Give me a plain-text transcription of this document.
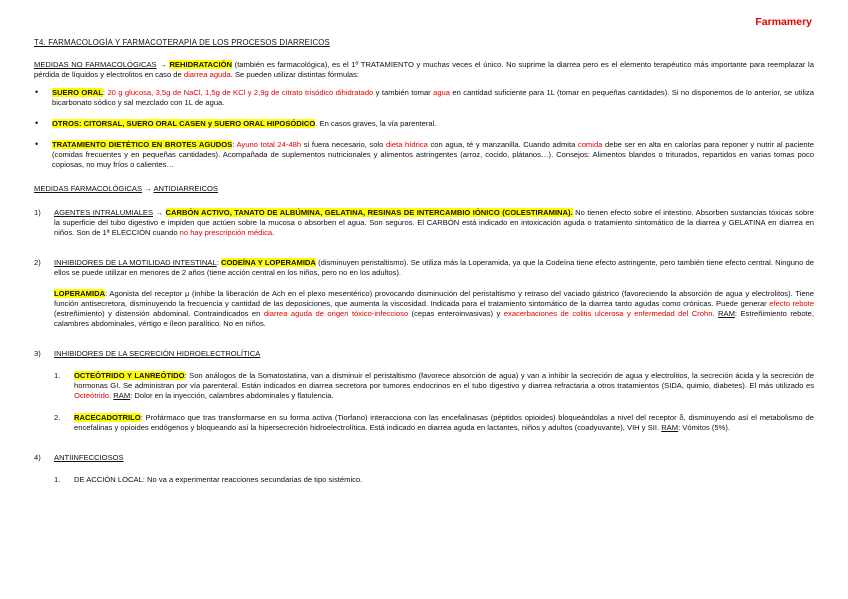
Farmamery
T4. FARMACOLOGÍA Y FARMACOTERAPIA DE LOS PROCESOS DIARREICOS

MEDIDAS NO FARMACOLÓGICAS → REHIDRATACIÓN (también es farmacológica), es el 1º TRATAMIENTO y muchas veces el único. No suprime la diarrea pero es el elemento terapéutico más importante para reemplazar la pérdida de líquidos y electrolitos en caso de diarrea aguda. Se pueden utilizar distintas fórmulas:

• SUERO ORAL: 20 g glucosa, 3,5g de NaCl, 1,5g de KCl y 2,9g de citrato trisódico dihidratado y también tomar agua en cantidad suficiente para 1L (tomar en pequeñas cantidades). Si no disponemos de lo anterior, se utiliza bicarbonato sódico y sal mezclado con 1L de agua.
• OTROS: CITORSAL, SUERO ORAL CASEN y SUERO ORAL HIPOSÓDICO. En casos graves, la vía parenteral.
• TRATAMIENTO DIETÉTICO EN BROTES AGUDOS: Ayuno total 24-48h si fuera necesario, solo dieta hídrica con agua, té y manzanilla. Cuando admita comida debe ser en alta en calorías para reponer y nutrir al paciente (comidas frecuentes y en pequeñas cantidades). Acompañada de suplementos nutricionales y alimentos astringentes (arroz, cocido, plátanos…). Consejos: Alimentos blandos o triturados, repartidos en varias tomas poco copiosas, no muy fríos o calientes…

MEDIDAS FARMACOLÓGICAS → ANTIDIARREICOS

1) AGENTES INTRALUMIALES → CARBÓN ACTIVO, TANATO DE ALBÚMINA, GELATINA, RESINAS DE INTERCAMBIO IÓNICO (COLESTIRAMINA). No tienen efecto sobre el intestino. Absorben sustancias tóxicas sobre la superficie del tubo digestivo e impiden que actúen sobre la mucosa o absorben el agua. Son seguros. El CARBÓN está indicado en intoxicación aguda o tratamiento sintomático de la diarrea y GELATINA en diarrea en niños. Son de 1ª ELECCIÓN cuando no hay prescripción médica.

2) INHIBIDORES DE LA MOTILIDAD INTESTINAL: CODEÍNA Y LOPERAMIDA (disminuyen peristaltismo). Se utiliza más la Loperamida, ya que la Codeína tiene efecto astringente, pero también tiene efecto central. Ninguno de ellos se puede utilizar en menores de 2 años (tiene acción central en los niños, pero no en los adultos).

LOPERAMIDA: Agonista del receptor μ (inhibe la liberación de Ach en el plexo mesentérico) provocando disminución del peristaltismo y retraso del vaciado gástrico (favoreciendo la absorción de agua y electrolitos). Tiene función antisecretora, disminuyendo la frecuencia y cantidad de las deposiciones, que aumenta la viscosidad. Indicada para el tratamiento sintomático de la diarrea tanto agudas como crónicas. Puede generar efecto rebote (estreñimiento) y distensión abdominal. Contraindicados en diarrea aguda de origen tóxico-infeccioso (cepas enteroinvasivas) y exacerbaciones de colitis ulcerosa y enfermedad del Crohn. RAM: Estreñimiento rebote, calambres abdominales, vértigo e íleon paralítico. No en niños.

3) INHIBIDORES DE LA SECRECIÓN HIDROELECTROLÍTICA

1. OCTEÓTRIDO Y LANREÓTIDO: Son análogos de la Somatostatina, van a disminuir el peristaltismo (favorece absorción de agua) y van a inhibir la secreción de agua y electrolitos, la secreción ácida y la secreción de hormonas GI. Se administran por vía parenteral. Están indicados en diarrea secretora por tumores endocrinos en el tubo digestivo y diarrea refractaria a otros tratamientos (SIDA, quimio, diabetes). El más utilizado es Octeótrido. RAM: Dolor en la inyección, calambres abdominales y flatulencia.

2. RACECADOTRILO: Profármaco que tras transformarse en su forma activa (Tiorfano) interacciona con las encefalinasas (péptidos opioides) bloqueándolas a nivel del receptor δ, disminuyendo así el metabolismo de encefalinas y opioides endógenos y bloqueando así la hipersecreción hidroelectrolítica. Está indicado en diarrea aguda en lactantes, niños y adultos (coadyuvante), VIH y SII. RAM: Vómitos (5%).

4) ANTIINFECCIOSOS

1. DE ACCIÓN LOCAL: No va a experimentar reacciones secundarias de tipo sistémico.
